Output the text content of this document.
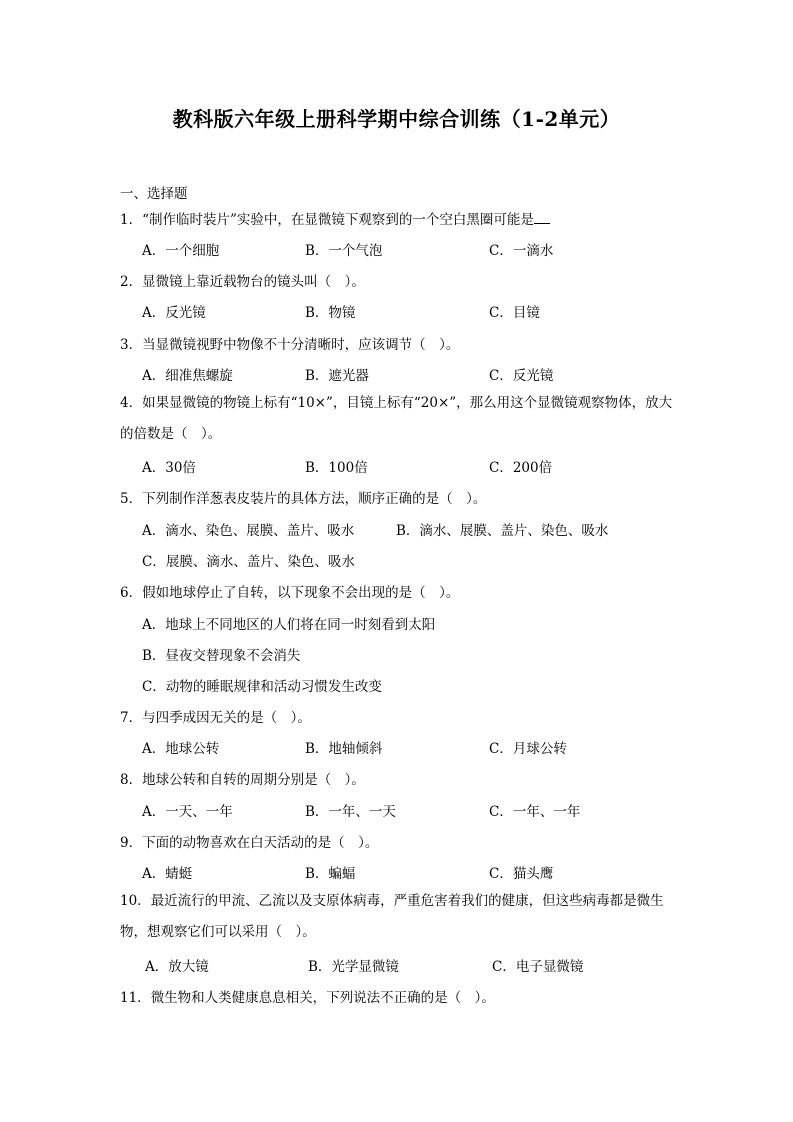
教科版六年级上册科学期中综合训练（1-2单元）
一、选择题
1．“制作临时装片”实验中，在显微镜下观察到的一个空白黑圈可能是
A．一个细胞	B．一个气泡	C．一滴水
2．显微镜上靠近载物台的镜头叫（　）。
A．反光镜	B．物镜	C．目镜
3．当显微镜视野中物像不十分清晰时，应该调节（　）。
A．细准焦螺旋	B．遮光器	C．反光镜
4．如果显微镜的物镜上标有“10×”，目镜上标有“20×”，那么用这个显微镜观察物体，放大的倍数是（　）。
A．30倍	B．100倍	C．200倍
5．下列制作洋葱表皮装片的具体方法，顺序正确的是（　）。
A．滴水、染色、展膜、盖片、吸水	B．滴水、展膜、盖片、染色、吸水
C．展膜、滴水、盖片、染色、吸水
6．假如地球停止了自转，以下现象不会出现的是（　）。
A．地球上不同地区的人们将在同一时刻看到太阳
B．昼夜交替现象不会消失
C．动物的睡眠规律和活动习惯发生改变
7．与四季成因无关的是（　）。
A．地球公转	B．地轴倾斜	C．月球公转
8．地球公转和自转的周期分别是（　）。
A．一天、一年	B．一年、一天	C．一年、一年
9．下面的动物喜欢在白天活动的是（　）。
A．蜻蜓	B．蝙蝠	C．猫头鹰
10．最近流行的甲流、乙流以及支原体病毒，严重危害着我们的健康，但这些病毒都是微生物，想观察它们可以采用（　）。
A．放大镜	B．光学显微镜	C．电子显微镜
11．微生物和人类健康息息相关，下列说法不正确的是（　）。
